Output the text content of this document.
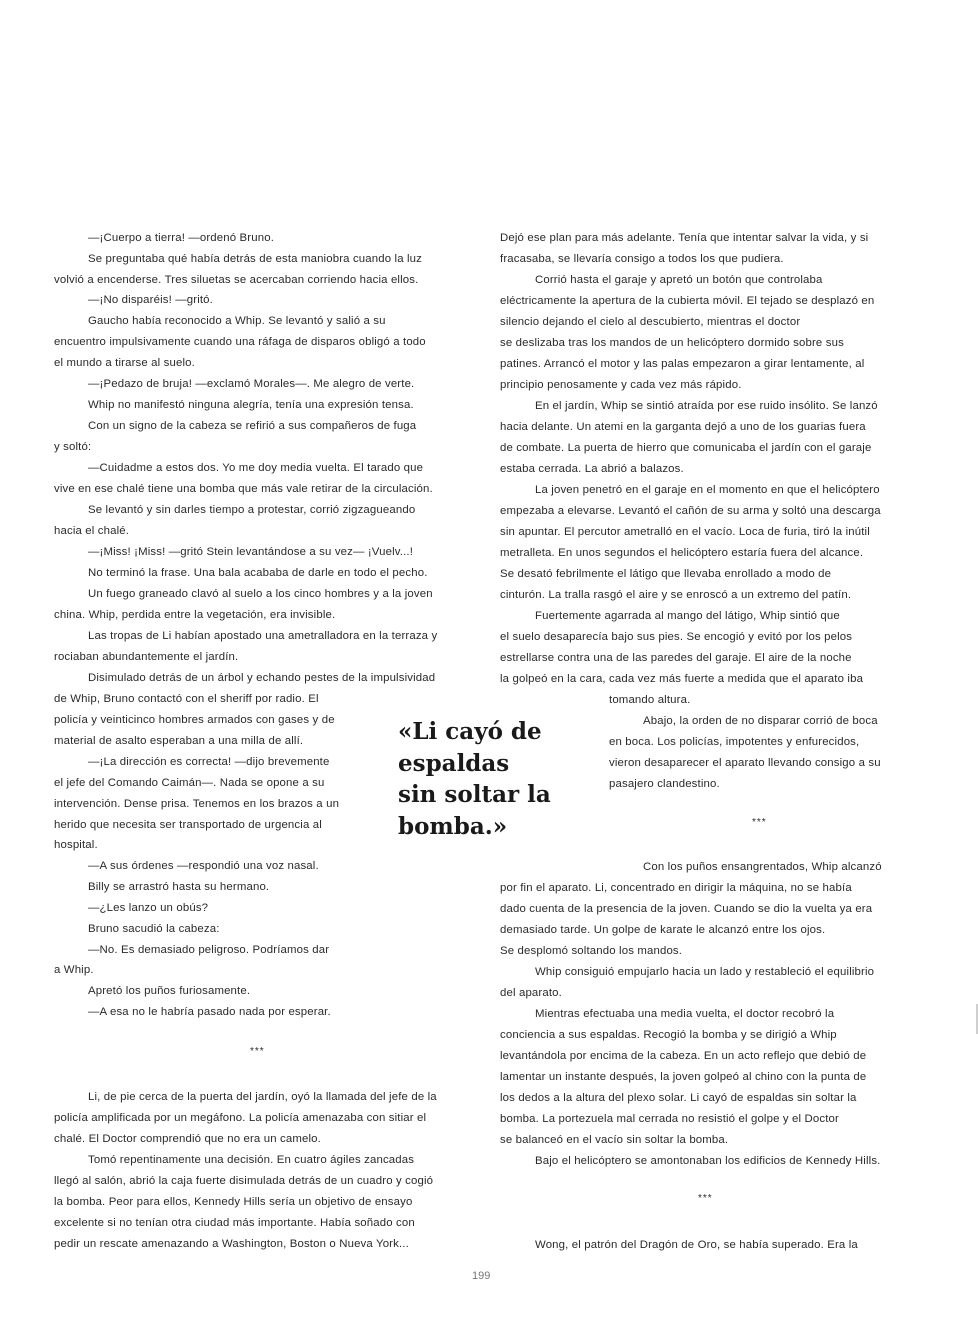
—¡Cuerpo a tierra! —ordenó Bruno.

Se preguntaba qué había detrás de esta maniobra cuando la luz

volvió a encenderse. Tres siluetas se acercaban corriendo hacia ellos.

—¡No disparéis! —gritó.

Gaucho había reconocido a Whip. Se levantó y salió a su

encuentro impulsivamente cuando una ráfaga de disparos obligó a todo

el mundo a tirarse al suelo.

—¡Pedazo de bruja! —exclamó Morales—. Me alegro de verte.

Whip no manifestó ninguna alegría, tenía una expresión tensa.

Con un signo de la cabeza se refirió a sus compañeros de fuga

y soltó:

—Cuidadme a estos dos. Yo me doy media vuelta. El tarado que

vive en ese chalé tiene una bomba que más vale retirar de la circulación.

Se levantó y sin darles tiempo a protestar, corrió zigzagueando

hacia el chalé.

—¡Miss! ¡Miss! —gritó Stein levantándose a su vez— ¡Vuelv...!

No terminó la frase. Una bala acababa de darle en todo el pecho.

Un fuego graneado clavó al suelo a los cinco hombres y a la joven

china. Whip, perdida entre la vegetación, era invisible.

Las tropas de Li habían apostado una ametralladora en la terraza y

rociaban abundantemente el jardín.

Disimulado detrás de un árbol y echando pestes de la impulsividad

de Whip, Bruno contactó con el sheriff por radio. El

policía y veinticinco hombres armados con gases y de

material de asalto esperaban a una milla de allí.

—¡La dirección es correcta! —dijo brevemente

el jefe del Comando Caimán—. Nada se opone a su

intervención. Dense prisa. Tenemos en los brazos a un

herido que necesita ser transportado de urgencia al

hospital.

—A sus órdenes —respondió una voz nasal.

Billy se arrastró hasta su hermano.

—¿Les lanzo un obús?

Bruno sacudió la cabeza:

—No. Es demasiado peligroso. Podríamos dar

a Whip.

Apretó los puños furiosamente.

—A esa no le habría pasado nada por esperar.

***

Li, de pie cerca de la puerta del jardín, oyó la llamada del jefe de la

policía amplificada por un megáfono. La policía amenazaba con sitiar el

chalé. El Doctor comprendió que no era un camelo.

Tomó repentinamente una decisión. En cuatro ágiles zancadas

llegó al salón, abrió la caja fuerte disimulada detrás de un cuadro y cogió

la bomba. Peor para ellos, Kennedy Hills sería un objetivo de ensayo

excelente si no tenían otra ciudad más importante. Había soñado con

pedir un rescate amenazando a Washington, Boston o Nueva York...

Dejó ese plan para más adelante. Tenía que intentar salvar la vida, y si

fracasaba, se llevaría consigo a todos los que pudiera.

Corrió hasta el garaje y apretó un botón que controlaba

eléctricamente la apertura de la cubierta móvil. El tejado se desplazó en

silencio dejando el cielo al descubierto, mientras el doctor

se deslizaba tras los mandos de un helicóptero dormido sobre sus

patines. Arrancó el motor y las palas empezaron a girar lentamente, al

principio penosamente y cada vez más rápido.

En el jardín, Whip se sintió atraída por ese ruido insólito. Se lanzó

hacia delante. Un atemi en la garganta dejó a uno de los guarias fuera

de combate. La puerta de hierro que comunicaba el jardín con el garaje

estaba cerrada. La abrió a balazos.

La joven penetró en el garaje en el momento en que el helicóptero

empezaba a elevarse. Levantó el cañón de su arma y soltó una descarga

sin apuntar. El percutor ametralló en el vacío. Loca de furia, tiró la inútil

metralleta. En unos segundos el helicóptero estaría fuera del alcance.

Se desató febrilmente el látigo que llevaba enrollado a modo de

cinturón. La tralla rasgó el aire y se enroscó a un extremo del patín.

Fuertemente agarrada al mango del látigo, Whip sintió que

el suelo desaparecía bajo sus pies. Se encogió y evitó por los pelos

estrellarse contra una de las paredes del garaje. El aire de la noche

la golpeó en la cara, cada vez más fuerte a medida que el aparato iba

tomando altura.

Abajo, la orden de no disparar corrió de boca

en boca. Los policías, impotentes y enfurecidos,

vieron desaparecer el aparato llevando consigo a su

pasajero clandestino.

***

Con los puños ensangrentados, Whip alcanzó

por fin el aparato. Li, concentrado en dirigir la máquina, no se había

dado cuenta de la presencia de la joven. Cuando se dio la vuelta ya era

demasiado tarde. Un golpe de karate le alcanzó entre los ojos.

Se desplomó soltando los mandos.

Whip consiguió empujarlo hacia un lado y restableció el equilibrio

del aparato.

Mientras efectuaba una media vuelta, el doctor recobró la

conciencia a sus espaldas. Recogió la bomba y se dirigió a Whip

levantándola por encima de la cabeza. En un acto reflejo que debió de

lamentar un instante después, la joven golpeó al chino con la punta de

los dedos a la altura del plexo solar. Li cayó de espaldas sin soltar la

bomba. La portezuela mal cerrada no resistió el golpe y el Doctor

se balanceó en el vacío sin soltar la bomba.

Bajo el helicóptero se amontonaban los edificios de Kennedy Hills.

***

Wong, el patrón del Dragón de Oro, se había superado. Era la

«Li cayó de
espaldas
sin soltar la
bomba.»
199
